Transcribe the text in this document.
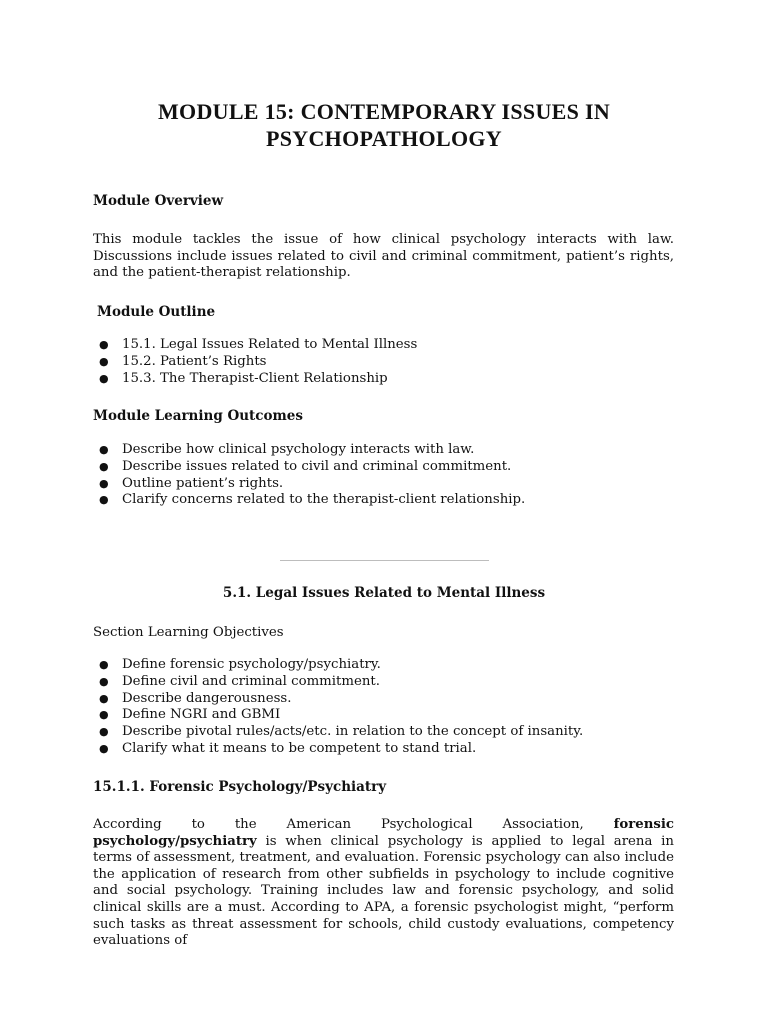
MODULE 15: CONTEMPORARY ISSUES IN
PSYCHOPATHOLOGY
Module Overview
This module tackles the issue of how clinical psychology interacts with law. Discussions include issues related to civil and criminal commitment, patient’s rights, and the patient-therapist relationship.
Module Outline
● 15.1. Legal Issues Related to Mental Illness
● 15.2. Patient’s Rights
● 15.3. The Therapist-Client Relationship
Module Learning Outcomes
● Describe how clinical psychology interacts with law.
● Describe issues related to civil and criminal commitment.
● Outline patient’s rights.
● Clarify concerns related to the therapist-client relationship.
5.1. Legal Issues Related to Mental Illness
Section Learning Objectives
● Define forensic psychology/psychiatry.
● Define civil and criminal commitment.
● Describe dangerousness.
● Define NGRI and GBMI
● Describe pivotal rules/acts/etc. in relation to the concept of insanity.
● Clarify what it means to be competent to stand trial.
15.1.1. Forensic Psychology/Psychiatry
According to the American Psychological Association, forensic
psychology/psychiatry is when clinical psychology is applied to legal arena in
terms of assessment, treatment, and evaluation. Forensic psychology can also include the application of research from other subfields in psychology to include cognitive and social psychology. Training includes law and forensic psychology, and solid clinical skills are a must. According to APA, a forensic psychologist might, “perform such tasks as threat assessment for schools, child custody evaluations, competency evaluations of
